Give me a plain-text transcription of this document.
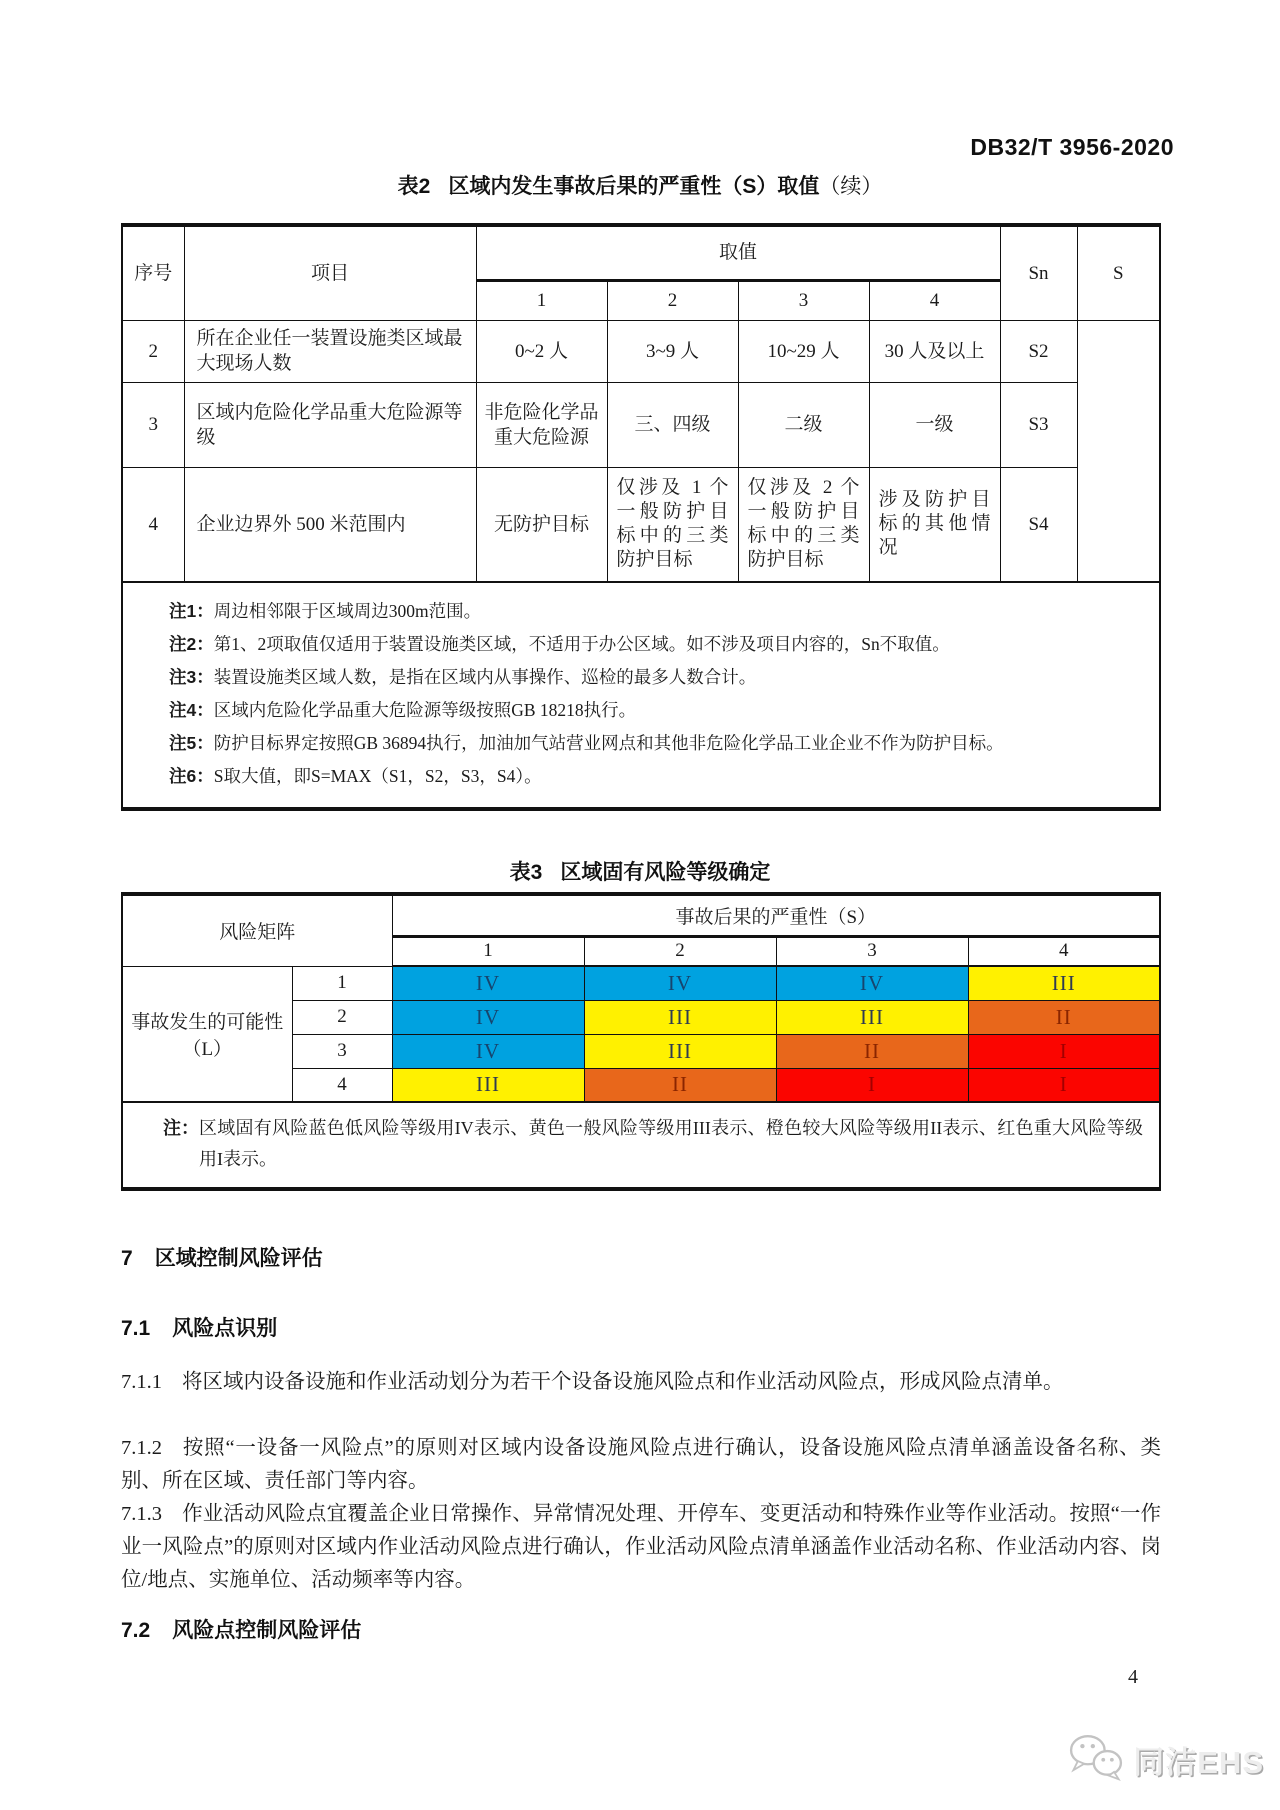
DB32/T 3956-2020
表2 区域内发生事故后果的严重性（S）取值（续）
序号	项目	取值				Sn	S
		1	2	3	4		
2	所在企业任一装置设施类区域最大现场人数	0~2 人	3~9 人	10~29 人	30 人及以上	S2	
3	区域内危险化学品重大危险源等级	非危险化学品重大危险源	三、四级	二级	一级	S3	
4	企业边界外 500 米范围内	无防护目标	仅涉及 1 个一般防护目标中的三类防护目标	仅涉及 2 个一般防护目标中的三类防护目标	涉及防护目标的其他情况	S4	

注1：周边相邻限于区域周边300m范围。
注2：第1、2项取值仅适用于装置设施类区域，不适用于办公区域。如不涉及项目内容的，Sn不取值。
注3：装置设施类区域人数，是指在区域内从事操作、巡检的最多人数合计。
注4：区域内危险化学品重大危险源等级按照GB 18218执行。
注5：防护目标界定按照GB 36894执行，加油加气站营业网点和其他非危险化学品工业企业不作为防护目标。
注6：S取大值，即S=MAX（S1，S2，S3，S4）。
表3 区域固有风险等级确定
风险矩阵		事故后果的严重性（S）			
		1	2	3	4
事故发生的可能性（L）	1	IV	IV	IV	III
	2	IV	III	III	II
	3	IV	III	II	I
	4	III	II	I	I

注： 区域固有风险蓝色低风险等级用IV表示、黄色一般风险等级用III表示、橙色较大风险等级用II表示、红色重大风险等级用I表示。					
7 区域控制风险评估
7.1 风险点识别
7.1.1 将区域内设备设施和作业活动划分为若干个设备设施风险点和作业活动风险点，形成风险点清单。
7.1.2 按照“一设备一风险点”的原则对区域内设备设施风险点进行确认，设备设施风险点清单涵盖设备名称、类别、所在区域、责任部门等内容。
7.1.3 作业活动风险点宜覆盖企业日常操作、异常情况处理、开停车、变更活动和特殊作业等作业活动。按照“一作业一风险点”的原则对区域内作业活动风险点进行确认，作业活动风险点清单涵盖作业活动名称、作业活动内容、岗位/地点、实施单位、活动频率等内容。
7.2 风险点控制风险评估
4
同洁EHS
